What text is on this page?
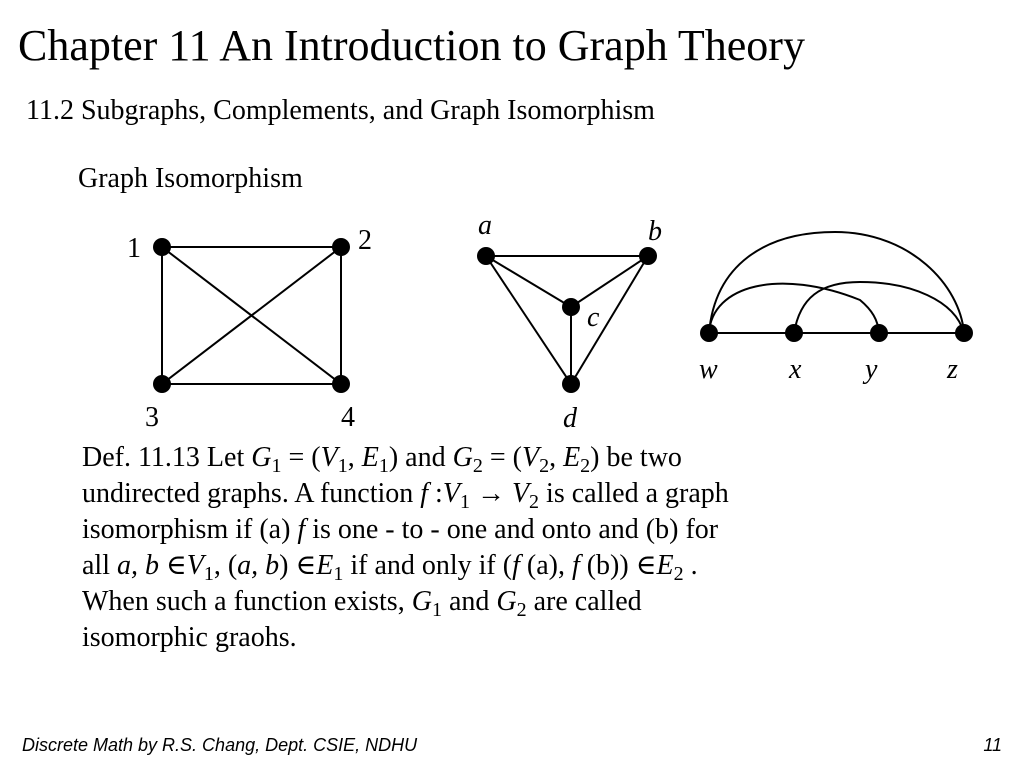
Chapter 11 An Introduction to Graph Theory
11.2 Subgraphs, Complements, and Graph Isomorphism
Graph Isomorphism
1	2
3	4
a	b
c
d
w	x y z
Def. 11.13 Let $G_1 = (V_1$, $E_1$) and $G_2 = (V_2$, $E_2$) be two
undirected graphs. A function f $:V_1 \to V_2$ is called a graph
isomorphism if (a) f is one - to - one and onto and (b) for
all a, b $\in V_1$, (a, b) $\in E_1$ if and only if (f (a), f (b)) $\in E_2$ .
When such a function exists, $G_1$ and $G_2$ are called
isomorphic graohs.
Discrete Math by R.S. Chang, Dept. CSIE, NDHU	11
